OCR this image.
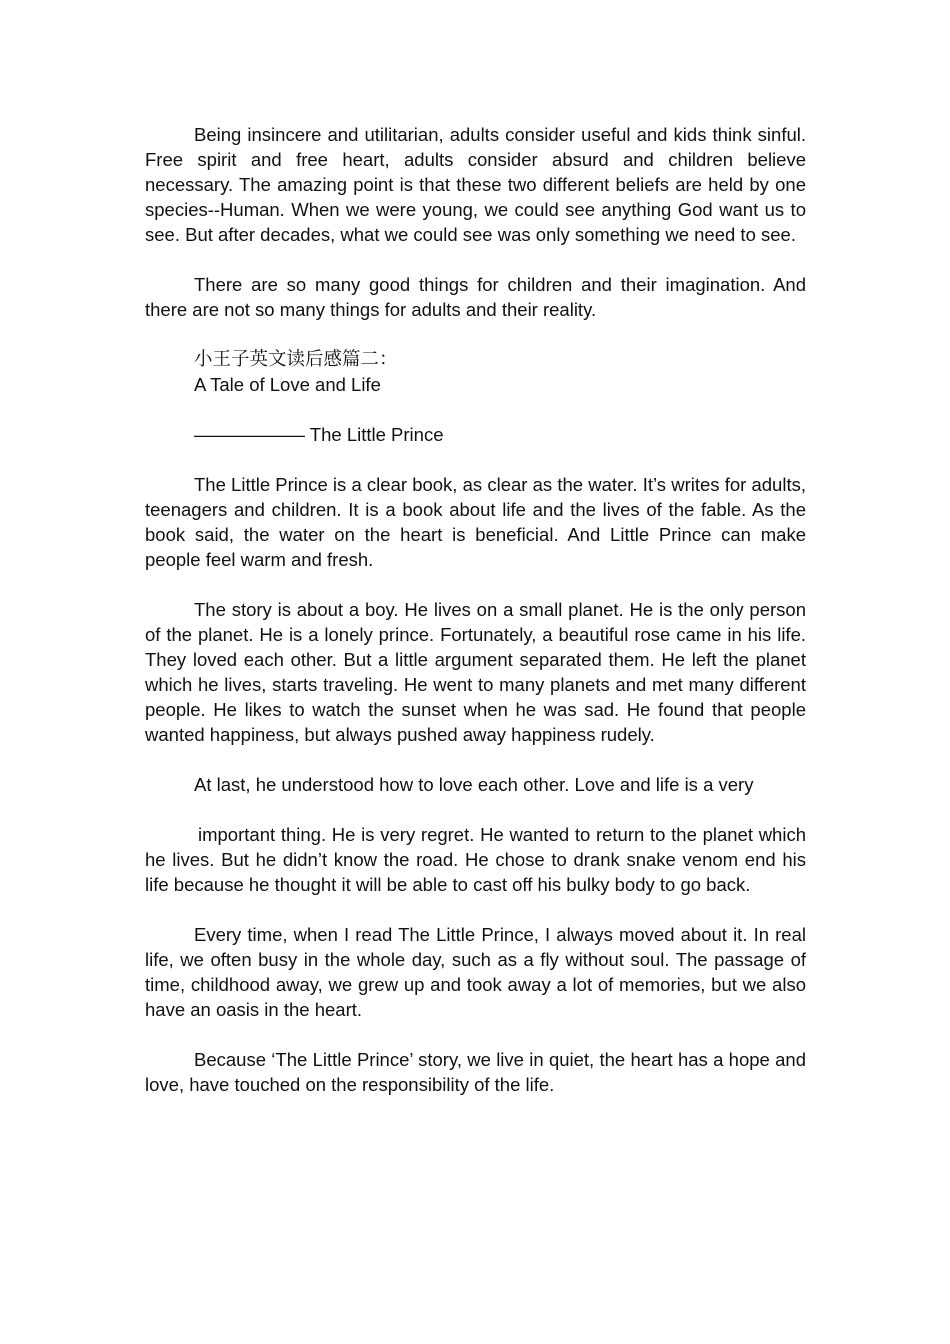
Being insincere and utilitarian, adults consider useful and kids think sinful. Free spirit and free heart, adults consider absurd and children believe necessary. The amazing point is that these two different beliefs are held by one species--Human. When we were young, we could see anything God want us to see. But after decades, what we could see was only something we need to see.

There are so many good things for children and their imagination. And there are not so many things for adults and their reality.

小王子英文读后感篇二：

A Tale of Love and Life

—————— The Little Prince

The Little Prince is a clear book, as clear as the water. It’s writes for adults, teenagers and children. It is a book about life and the lives of the fable. As the book said, the water on the heart is beneficial. And Little Prince can make people feel warm and fresh.

The story is about a boy. He lives on a small planet. He is the only person of the planet. He is a lonely prince. Fortunately, a beautiful rose came in his life. They loved each other. But a little argument separated them. He left the planet which he lives, starts traveling. He went to many planets and met many different people. He likes to watch the sunset when he was sad. He found that people wanted happiness, but always pushed away happiness rudely.

At last, he understood how to love each other. Love and life is a very

important thing. He is very regret. He wanted to return to the planet which he lives. But he didn’t know the road. He chose to drank snake venom end his life because he thought it will be able to cast off his bulky body to go back.

Every time, when I read The Little Prince, I always moved about it. In real life, we often busy in the whole day, such as a fly without soul. The passage of time, childhood away, we grew up and took away a lot of memories, but we also have an oasis in the heart.

Because ‘The Little Prince’ story, we live in quiet, the heart has a hope and love, have touched on the responsibility of the life.
